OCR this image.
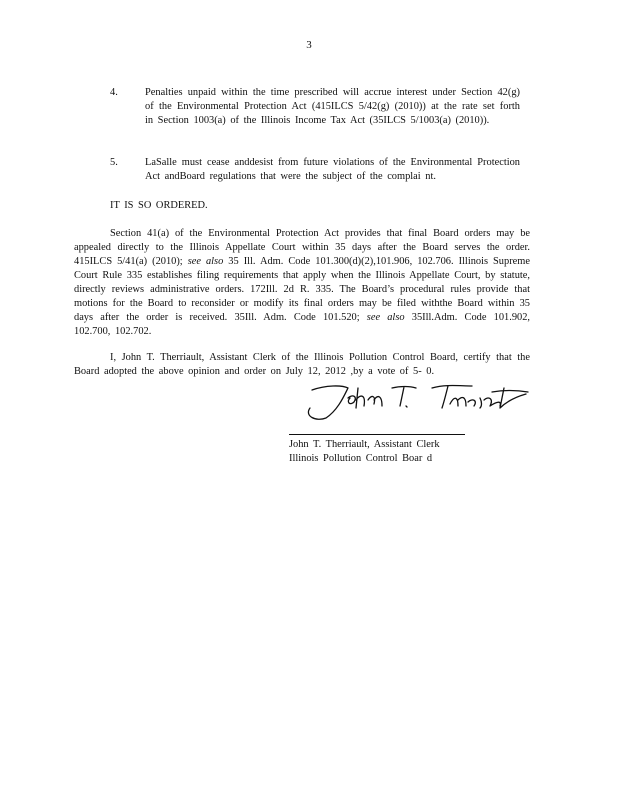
3
4.	Penalties unpaid within the time prescribed will accrue interest under Section 42(g) of the Environmental Protection Act (415ILCS 5/42(g) (2010)) at the rate set forth in Section 1003(a) of the Illinois Income Tax Act (35ILCS 5/1003(a) (2010)).
5.	LaSalle must cease anddesist from future violations of the Environmental Protection Act andBoard regulations that were the subject of the complai nt.
IT IS SO ORDERED.
Section 41(a) of the Environmental Protection Act provides that final Board orders may be appealed directly to the Illinois Appellate Court within 35 days after the Board serves the order. 415ILCS 5/41(a) (2010); see also 35 Ill. Adm. Code 101.300(d)(2),101.906, 102.706. Illinois Supreme Court Rule 335 establishes filing requirements that apply when the Illinois Appellate Court, by statute, directly reviews administrative orders. 172Ill. 2d R. 335. The Board’s procedural rules provide that motions for the Board to reconsider or modify its final orders may be filed withthe Board within 35 days after the order is received. 35Ill. Adm. Code 101.520; see also 35Ill.Adm. Code 101.902, 102.700, 102.702.
I, John T. Therriault, Assistant Clerk of the Illinois Pollution Control Board, certify that the Board adopted the above opinion and order on July 12, 2012 ,by a vote of 5- 0.
John T. Therriault, Assistant Clerk
Illinois Pollution Control Boar d
